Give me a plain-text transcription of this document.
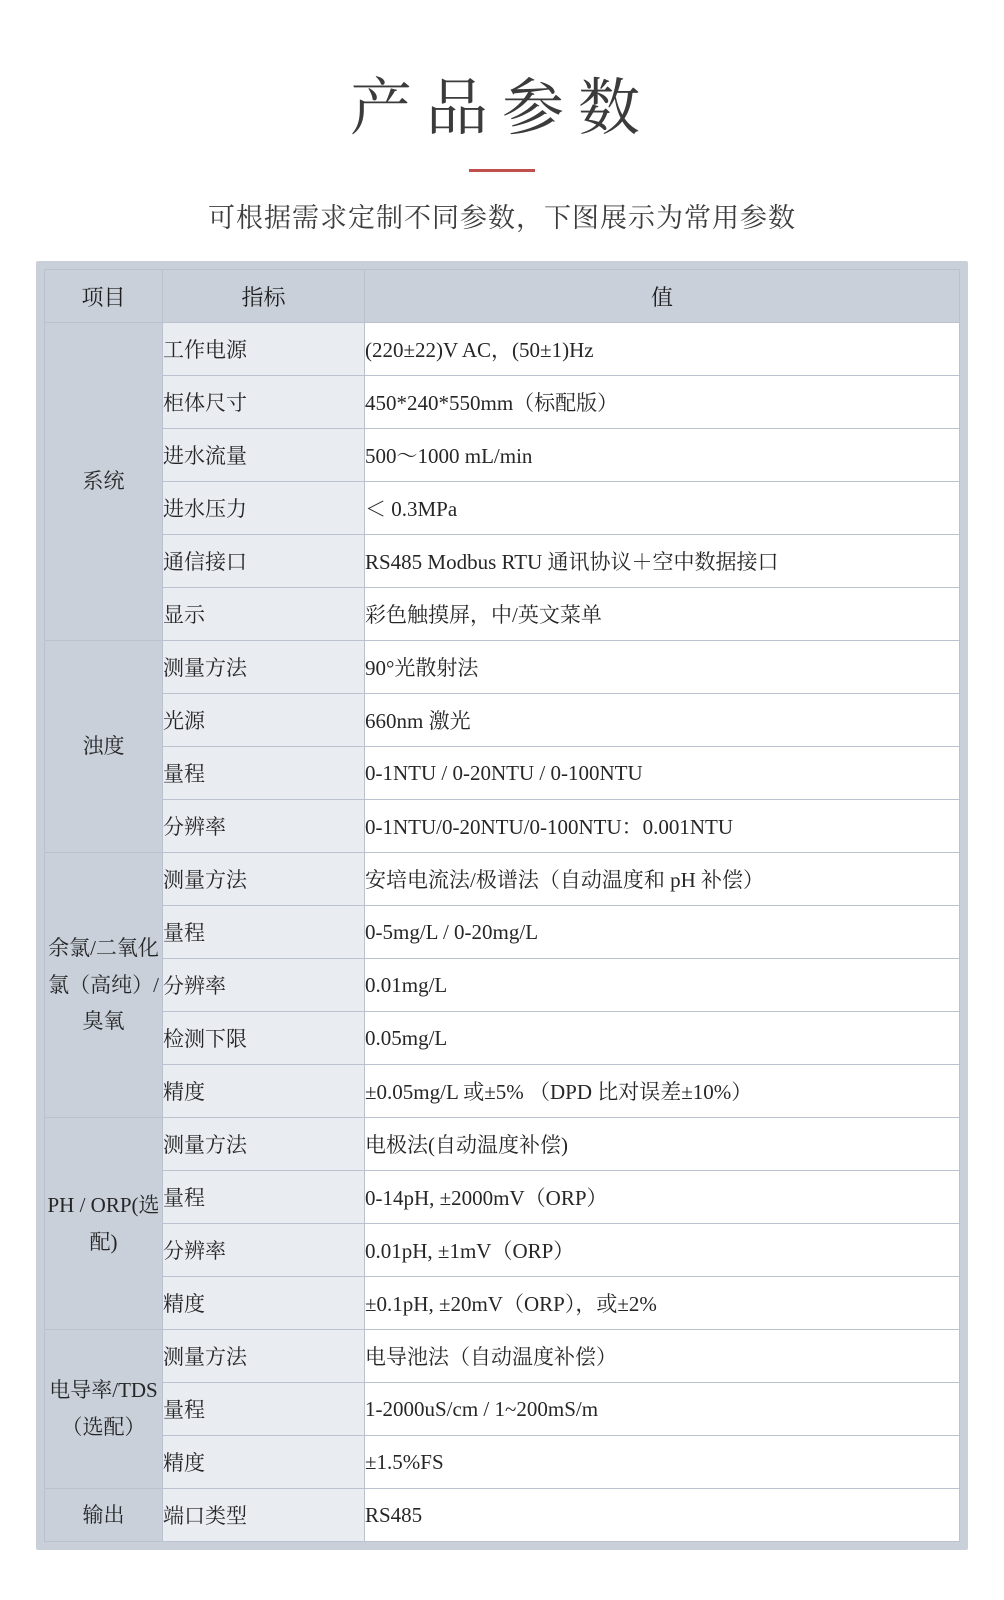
产品参数

可根据需求定制不同参数，下图展示为常用参数

项目	指标	值
系统	工作电源	(220±22)V AC，(50±1)Hz
	柜体尺寸	450*240*550mm（标配版）
	进水流量	500～1000 mL/min
	进水压力	＜ 0.3MPa
	通信接口	RS485 Modbus RTU 通讯协议＋空中数据接口
	显示	彩色触摸屏，中/英文菜单
浊度	测量方法	90°光散射法
	光源	660nm 激光
	量程	0-1NTU / 0-20NTU / 0-100NTU
	分辨率	0-1NTU/0-20NTU/0-100NTU：0.001NTU
余氯/二氧化氯（高纯）/臭氧	测量方法	安培电流法/极谱法（自动温度和 pH 补偿）
	量程	0-5mg/L / 0-20mg/L
	分辨率	0.01mg/L
	检测下限	0.05mg/L
	精度	±0.05mg/L 或±5% （DPD 比对误差±10%）
PH / ORP(选配)	测量方法	电极法(自动温度补偿)
	量程	0-14pH, ±2000mV（ORP）
	分辨率	0.01pH, ±1mV（ORP）
	精度	±0.1pH, ±20mV（ORP），或±2%
电导率/TDS（选配）	测量方法	电导池法（自动温度补偿）
	量程	1-2000uS/cm / 1~200mS/m
	精度	±1.5%FS
输出	端口类型	RS485
